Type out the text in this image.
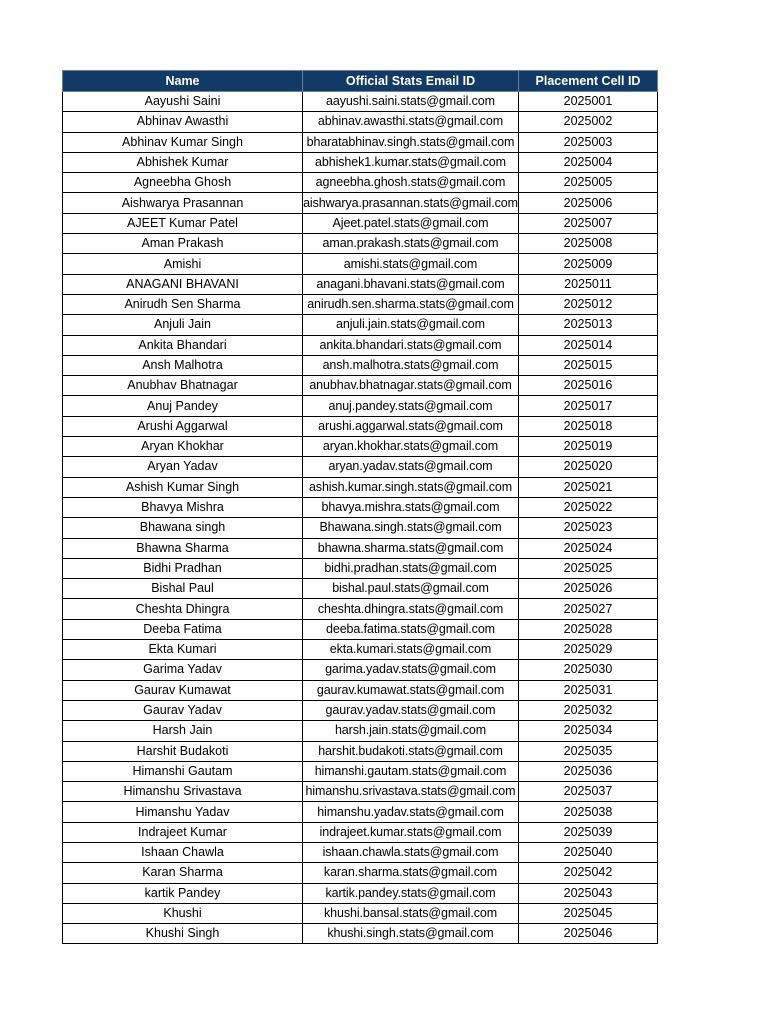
Name	Official Stats Email ID	Placement Cell ID
Aayushi Saini	aayushi.saini.stats@gmail.com	2025001
Abhinav Awasthi	abhinav.awasthi.stats@gmail.com	2025002
Abhinav Kumar Singh	bharatabhinav.singh.stats@gmail.com	2025003
Abhishek Kumar	abhishek1.kumar.stats@gmail.com	2025004
Agneebha Ghosh	agneebha.ghosh.stats@gmail.com	2025005
Aishwarya Prasannan	aishwarya.prasannan.stats@gmail.com	2025006
AJEET Kumar Patel	Ajeet.patel.stats@gmail.com	2025007
Aman Prakash	aman.prakash.stats@gmail.com	2025008
Amishi	amishi.stats@gmail.com	2025009
ANAGANI BHAVANI	anagani.bhavani.stats@gmail.com	2025011
Anirudh Sen Sharma	anirudh.sen.sharma.stats@gmail.com	2025012
Anjuli Jain	anjuli.jain.stats@gmail.com	2025013
Ankita Bhandari	ankita.bhandari.stats@gmail.com	2025014
Ansh Malhotra	ansh.malhotra.stats@gmail.com	2025015
Anubhav Bhatnagar	anubhav.bhatnagar.stats@gmail.com	2025016
Anuj Pandey	anuj.pandey.stats@gmail.com	2025017
Arushi Aggarwal	arushi.aggarwal.stats@gmail.com	2025018
Aryan Khokhar	aryan.khokhar.stats@gmail.com	2025019
Aryan Yadav	aryan.yadav.stats@gmail.com	2025020
Ashish Kumar Singh	ashish.kumar.singh.stats@gmail.com	2025021
Bhavya Mishra	bhavya.mishra.stats@gmail.com	2025022
Bhawana singh	Bhawana.singh.stats@gmail.com	2025023
Bhawna Sharma	bhawna.sharma.stats@gmail.com	2025024
Bidhi Pradhan	bidhi.pradhan.stats@gmail.com	2025025
Bishal Paul	bishal.paul.stats@gmail.com	2025026
Cheshta Dhingra	cheshta.dhingra.stats@gmail.com	2025027
Deeba Fatima	deeba.fatima.stats@gmail.com	2025028
Ekta Kumari	ekta.kumari.stats@gmail.com	2025029
Garima Yadav	garima.yadav.stats@gmail.com	2025030
Gaurav Kumawat	gaurav.kumawat.stats@gmail.com	2025031
Gaurav Yadav	gaurav.yadav.stats@gmail.com	2025032
Harsh Jain	harsh.jain.stats@gmail.com	2025034
Harshit Budakoti	harshit.budakoti.stats@gmail.com	2025035
Himanshi Gautam	himanshi.gautam.stats@gmail.com	2025036
Himanshu Srivastava	himanshu.srivastava.stats@gmail.com	2025037
Himanshu Yadav	himanshu.yadav.stats@gmail.com	2025038
Indrajeet Kumar	indrajeet.kumar.stats@gmail.com	2025039
Ishaan Chawla	ishaan.chawla.stats@gmail.com	2025040
Karan Sharma	karan.sharma.stats@gmail.com	2025042
kartik Pandey	kartik.pandey.stats@gmail.com	2025043
Khushi	khushi.bansal.stats@gmail.com	2025045
Khushi Singh	khushi.singh.stats@gmail.com	2025046
